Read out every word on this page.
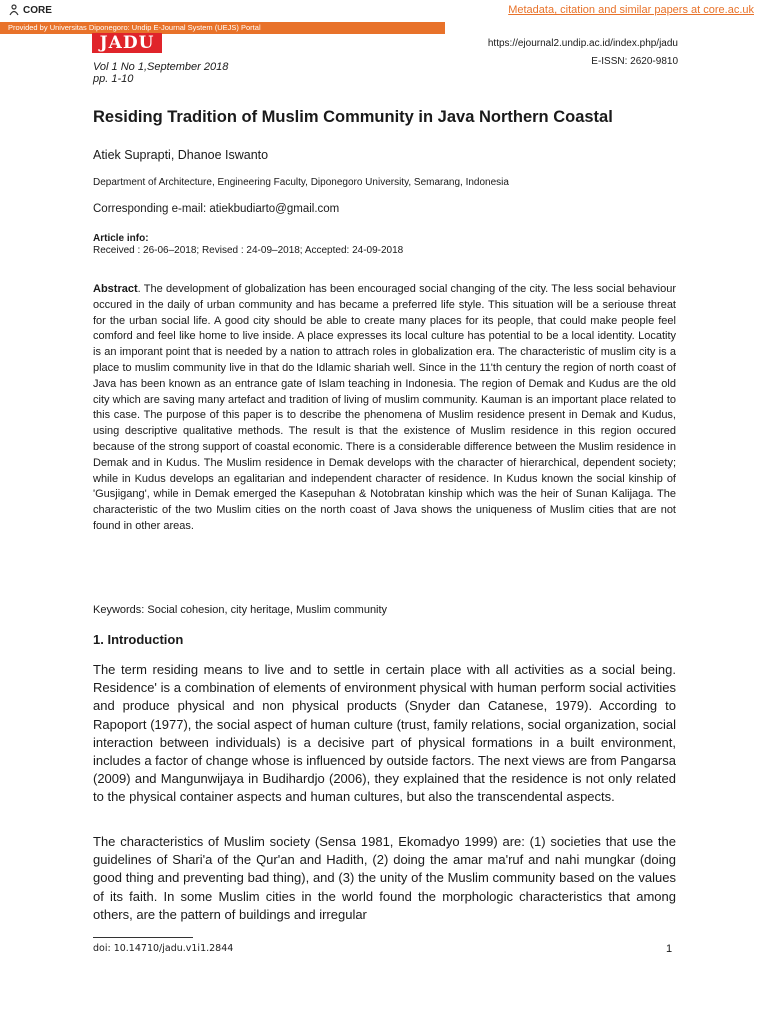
CORE	Metadata, citation and similar papers at core.ac.uk
Provided by Universitas Diponegoro: Undip E-Journal System (UEJS) Portal
JADU	https://ejournal2.undip.ac.id/index.php/jadu
E-ISSN: 2620-9810
Vol 1 No 1,September 2018
pp. 1-10
Residing Tradition of Muslim Community in Java Northern Coastal
Atiek Suprapti, Dhanoe Iswanto
Department of Architecture, Engineering Faculty, Diponegoro University, Semarang, Indonesia
Corresponding e-mail: atiekbudiarto@gmail.com
Article info:
Received : 26-06–2018; Revised : 24-09–2018; Accepted: 24-09-2018
Abstract. The development of globalization has been encouraged social changing of the city. The less social behaviour occured in the daily of urban community and has became a preferred life style. This situation will be a seriouse threat for the urban social life. A good city should be able to create many places for its people, that could make people feel comford and feel like home to live inside. A place expresses its local culture has potential to be a local identity. Locatity is an imporant point that is needed by a nation to attrach roles in globalization era. The characteristic of muslim city is a place to muslim community live in that do the Idlamic shariah well. Since in the 11'th century the region of north coast of Java has been known as an entrance gate of Islam teaching in Indonesia. The region of Demak and Kudus are the old city which are saving many artefact and tradition of living of muslim community. Kauman is an important place related to this case. The purpose of this paper is to describe the phenomena of Muslim residence present in Demak and Kudus, using descriptive qualitative methods. The result is that the existence of Muslim residence in this region occured because of the strong support of coastal economic. There is a considerable difference between the Muslim residence in Demak and in Kudus. The Muslim residence in Demak develops with the character of hierarchical, dependent society; while in Kudus develops an egalitarian and independent character of residence. In Kudus known the social kinship of 'Gusjigang', while in Demak emerged the Kasepuhan & Notobratan kinship which was the heir of Sunan Kalijaga. The characteristic of the two Muslim cities on the north coast of Java shows the uniqueness of Muslim cities that are not found in other areas.
Keywords: Social cohesion, city heritage, Muslim community
1. Introduction
The term residing means to live and to settle in certain place with all activities as a social being. Residence' is a combination of elements of environment physical with human perform social activities and produce physical and non physical products (Snyder dan Catanese, 1979). According to Rapoport (1977), the social aspect of human culture (trust, family relations, social organization, social interaction between individuals) is a decisive part of physical formations in a built environment, includes a factor of change whose is influenced by outside factors. The next views are from Pangarsa (2009) and Mangunwijaya in Budihardjo (2006), they explained that the residence is not only related to the physical container aspects and human cultures, but also the transcendental aspects.
The characteristics of Muslim society (Sensa 1981, Ekomadyo 1999) are: (1) societies that use the guidelines of Shari'a of the Qur'an and Hadith, (2) doing the amar ma'ruf and nahi mungkar (doing good thing and preventing bad thing), and (3) the unity of the Muslim community based on the values of its faith. In some Muslim cities in the world found the morphologic characteristics that among others, are the pattern of buildings and irregular
doi: 10.14710/jadu.v1i1.2844	1
